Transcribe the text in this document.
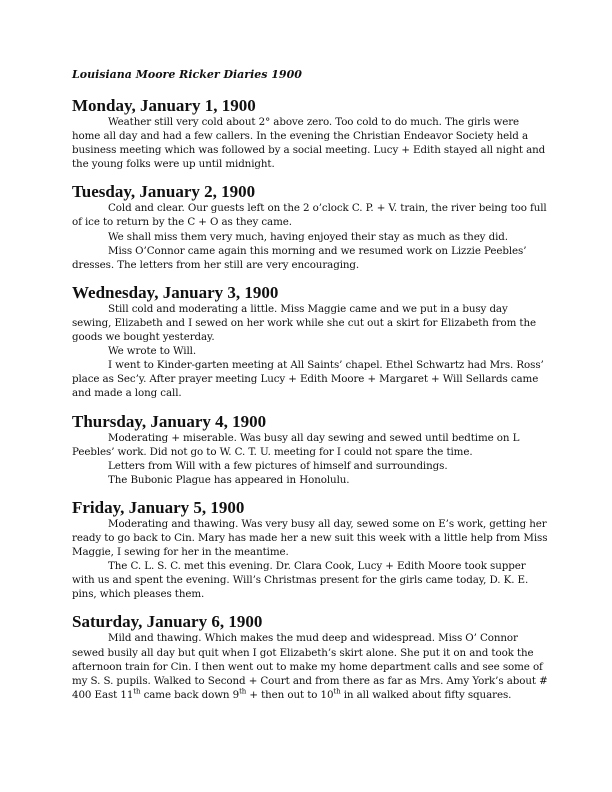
Louisiana Moore Ricker Diaries 1900
Monday, January 1, 1900

Weather still very cold about 2° above zero. Too cold to do much. The girls were home all day and had a few callers. In the evening the Christian Endeavor Society held a business meeting which was followed by a social meeting. Lucy + Edith stayed all night and the young folks were up until midnight.

Tuesday, January 2, 1900

Cold and clear. Our guests left on the 2 o’clock C. P. + V. train, the river being too full of ice to return by the C + O as they came.

We shall miss them very much, having enjoyed their stay as much as they did.

Miss O’Connor came again this morning and we resumed work on Lizzie Peebles’ dresses. The letters from her still are very encouraging.

Wednesday, January 3, 1900

Still cold and moderating a little. Miss Maggie came and we put in a busy day sewing, Elizabeth and I sewed on her work while she cut out a skirt for Elizabeth from the goods we bought yesterday.

We wrote to Will.

I went to Kinder-garten meeting at All Saints’ chapel. Ethel Schwartz had Mrs. Ross’ place as Sec’y. After prayer meeting Lucy + Edith Moore + Margaret + Will Sellards came and made a long call.

Thursday, January 4, 1900

Moderating + miserable. Was busy all day sewing and sewed until bedtime on L Peebles’ work. Did not go to W. C. T. U. meeting for I could not spare the time.

Letters from Will with a few pictures of himself and surroundings.

The Bubonic Plague has appeared in Honolulu.

Friday, January 5, 1900

Moderating and thawing. Was very busy all day, sewed some on E’s work, getting her ready to go back to Cin. Mary has made her a new suit this week with a little help from Miss Maggie, I sewing for her in the meantime.

The C. L. S. C. met this evening. Dr. Clara Cook, Lucy + Edith Moore took supper with us and spent the evening. Will’s Christmas present for the girls came today, D. K. E. pins, which pleases them.

Saturday, January 6, 1900

Mild and thawing. Which makes the mud deep and widespread. Miss O’ Connor sewed busily all day but quit when I got Elizabeth’s skirt alone. She put it on and took the afternoon train for Cin. I then went out to make my home department calls and see some of my S. S. pupils. Walked to Second + Court and from there as far as Mrs. Amy York’s about # 400 East 11th came back down 9th + then out to 10th in all walked about fifty squares.
